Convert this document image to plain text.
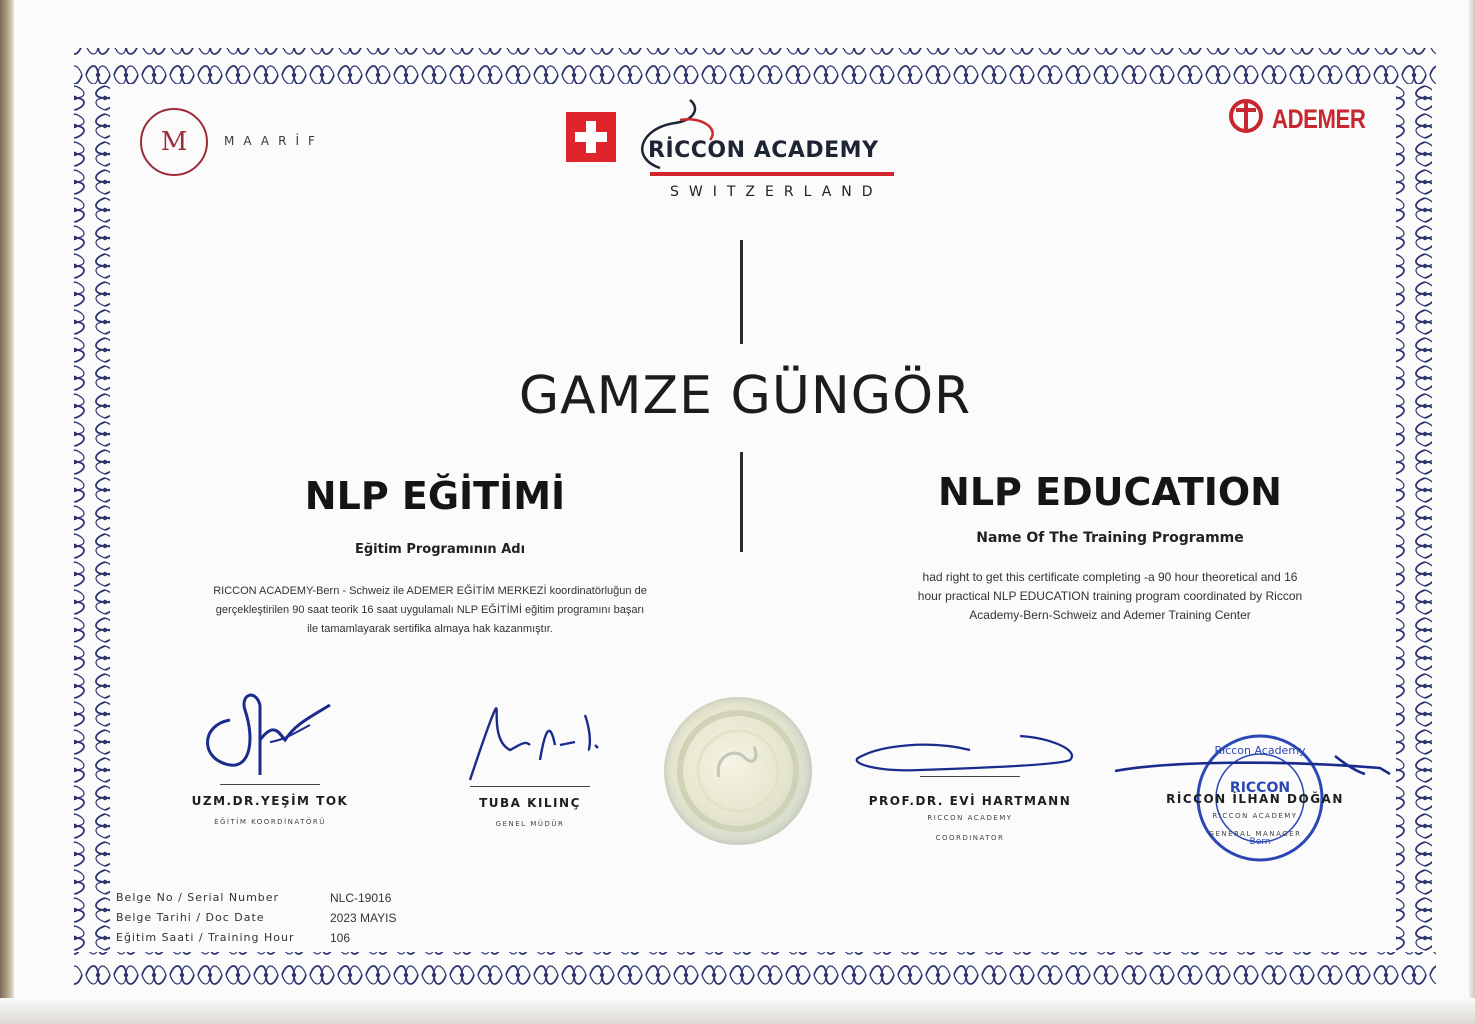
M	MAARİF	RİCCON ACADEMY
SWITZERLAND
ADEMER
GAMZE GÜNGÖR
NLP EĞİTİMİ
Eğitim Programının Adı
RICCON ACADEMY-Bern - Schweiz ile ADEMER EĞİTİM MERKEZİ koordinatörluğun de
gerçekleştirilen 90 saat teorik 16 saat uygulamalı NLP EĞİTİMİ eğitim programını başarı
ile tamamlayarak sertifika almaya hak kazanmıştır.
NLP EDUCATION
Name Of The Training Programme
had right to get this certificate completing -a 90 hour theoretical and 16
hour practical NLP EDUCATION training program coordinated by Riccon
Academy-Bern-Schweiz and Ademer Training Center
UZM.DR.YEŞİM TOK
EĞİTİM KOORDİNATÖRÜ
TUBA KILINÇ
GENEL MÜDÜR
PROF.DR. EVİ HARTMANN
RICCON ACADEMY
COORDINATOR
Riccon Academy
RICCON
Bern
RİCCON İLHAN DOĞAN
RICCON ACADEMY
GENERAL MANAGER
Belge No / Serial Number	NLC-19016
Belge Tarihi / Doc Date	2023 MAYIS
Eğitim Saati / Training Hour	106
